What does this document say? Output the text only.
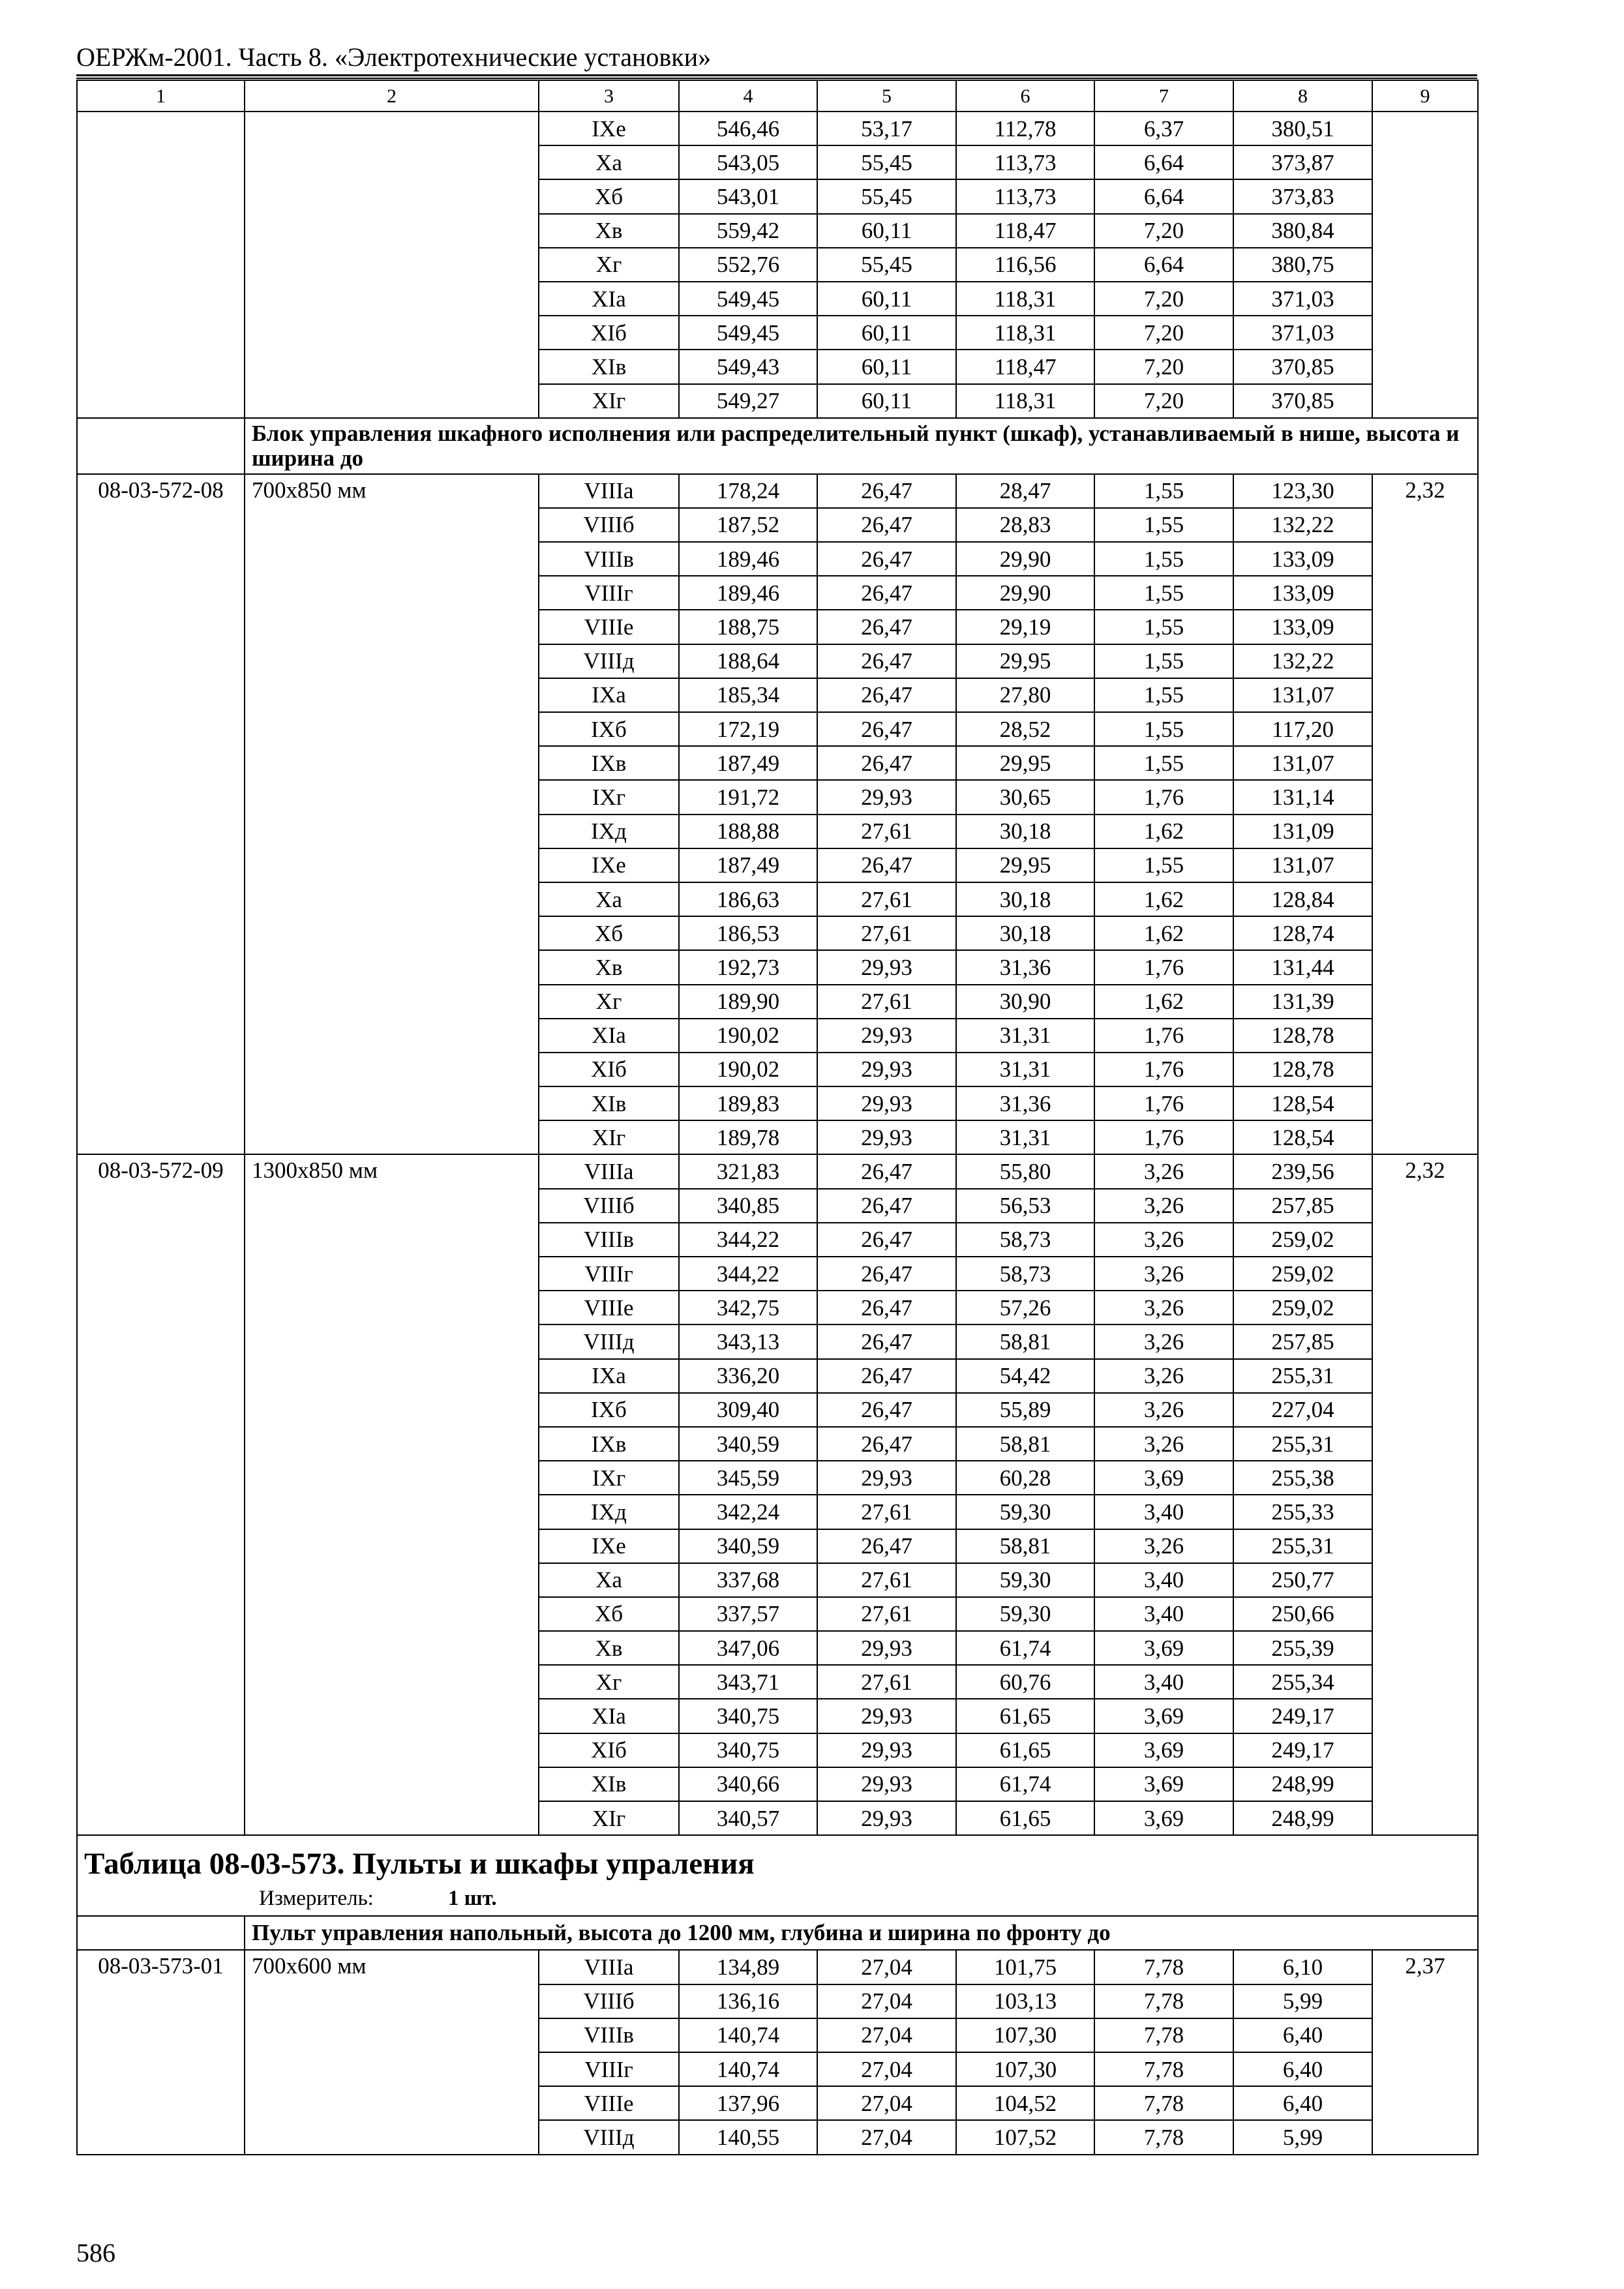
ОЕРЖм-2001. Часть 8. «Электротехнические установки»
1	2	3	4	5	6	7	8	9
		IXе	546,46	53,17	112,78	6,37	380,51	
		Xа	543,05	55,45	113,73	6,64	373,87	
		Xб	543,01	55,45	113,73	6,64	373,83	
		Xв	559,42	60,11	118,47	7,20	380,84	
		Xг	552,76	55,45	116,56	6,64	380,75	
		XIа	549,45	60,11	118,31	7,20	371,03	
		XIб	549,45	60,11	118,31	7,20	371,03	
		XIв	549,43	60,11	118,47	7,20	370,85	
		XIг	549,27	60,11	118,31	7,20	370,85	
	Блок управления шкафного исполнения или распределительный пункт (шкаф), устанавливаемый в нише, высота и ширина до							
08-03-572-08	700х850 мм	VIIIа	178,24	26,47	28,47	1,55	123,30	2,32
		VIIIб	187,52	26,47	28,83	1,55	132,22	
		VIIIв	189,46	26,47	29,90	1,55	133,09	
		VIIIг	189,46	26,47	29,90	1,55	133,09	
		VIIIе	188,75	26,47	29,19	1,55	133,09	
		VIIIд	188,64	26,47	29,95	1,55	132,22	
		IXа	185,34	26,47	27,80	1,55	131,07	
		IXб	172,19	26,47	28,52	1,55	117,20	
		IXв	187,49	26,47	29,95	1,55	131,07	
		IXг	191,72	29,93	30,65	1,76	131,14	
		IXд	188,88	27,61	30,18	1,62	131,09	
		IXе	187,49	26,47	29,95	1,55	131,07	
		Xа	186,63	27,61	30,18	1,62	128,84	
		Xб	186,53	27,61	30,18	1,62	128,74	
		Xв	192,73	29,93	31,36	1,76	131,44	
		Xг	189,90	27,61	30,90	1,62	131,39	
		XIа	190,02	29,93	31,31	1,76	128,78	
		XIб	190,02	29,93	31,31	1,76	128,78	
		XIв	189,83	29,93	31,36	1,76	128,54	
		XIг	189,78	29,93	31,31	1,76	128,54	
08-03-572-09	1300х850 мм	VIIIа	321,83	26,47	55,80	3,26	239,56	2,32
		VIIIб	340,85	26,47	56,53	3,26	257,85	
		VIIIв	344,22	26,47	58,73	3,26	259,02	
		VIIIг	344,22	26,47	58,73	3,26	259,02	
		VIIIе	342,75	26,47	57,26	3,26	259,02	
		VIIIд	343,13	26,47	58,81	3,26	257,85	
		IXа	336,20	26,47	54,42	3,26	255,31	
		IXб	309,40	26,47	55,89	3,26	227,04	
		IXв	340,59	26,47	58,81	3,26	255,31	
		IXг	345,59	29,93	60,28	3,69	255,38	
		IXд	342,24	27,61	59,30	3,40	255,33	
		IXе	340,59	26,47	58,81	3,26	255,31	
		Xа	337,68	27,61	59,30	3,40	250,77	
		Xб	337,57	27,61	59,30	3,40	250,66	
		Xв	347,06	29,93	61,74	3,69	255,39	
		Xг	343,71	27,61	60,76	3,40	255,34	
		XIа	340,75	29,93	61,65	3,69	249,17	
		XIб	340,75	29,93	61,65	3,69	249,17	
		XIв	340,66	29,93	61,74	3,69	248,99	
		XIг	340,57	29,93	61,65	3,69	248,99	
Таблица 08-03-573. Пульты и шкафы упраления								
Измеритель: 1 шт.								
	Пульт управления напольный, высота до 1200 мм, глубина и ширина по фронту до							
08-03-573-01	700х600 мм	VIIIа	134,89	27,04	101,75	7,78	6,10	2,37
		VIIIб	136,16	27,04	103,13	7,78	5,99	
		VIIIв	140,74	27,04	107,30	7,78	6,40	
		VIIIг	140,74	27,04	107,30	7,78	6,40	
		VIIIе	137,96	27,04	104,52	7,78	6,40	
		VIIIд	140,55	27,04	107,52	7,78	5,99	
586
